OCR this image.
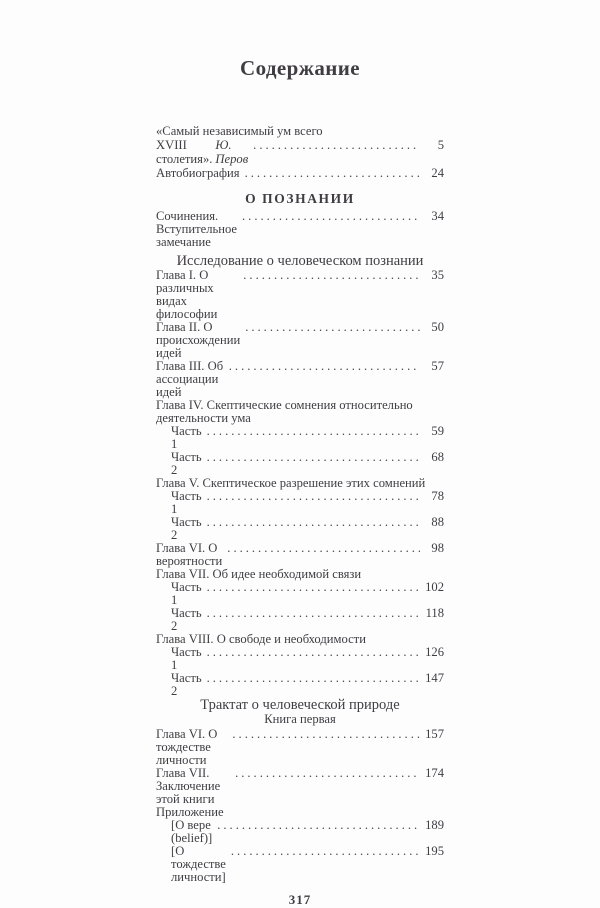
Содержание
«Самый независимый ум всего
XVIII столетия».
Ю. Перов
.....
5
Автобиография .....	24
О ПОЗНАНИИ
Сочинения. Вступительное замечание
.....
34
Исследование о человеческом познании
Глава I. О различных видах философии
.....
35
Глава II. О происхождении идей
.....
50
Глава III. Об ассоциации идей
.....
57
Глава IV. Скептические сомнения относительно
деятельности ума
Часть 1
.....
59
Часть 2
.....
68
Глава V. Скептическое разрешение этих сомнений
Часть 1
.....
78
Часть 2
.....
88
Глава VI. О вероятности
.....
98
Глава VII. Об идее необходимой связи
Часть 1
.....
102
Часть 2
.....
118
Глава VIII. О свободе и необходимости
Часть 1
.....
126
Часть 2
.....
147
Трактат о человеческой природе
Книга первая
Глава VI. О тождестве личности
.....
157
Глава VII. Заключение этой книги
.....
174
Приложение
[О вере (belief)]
.....
189
[О тождестве личности]
.....
195
317
